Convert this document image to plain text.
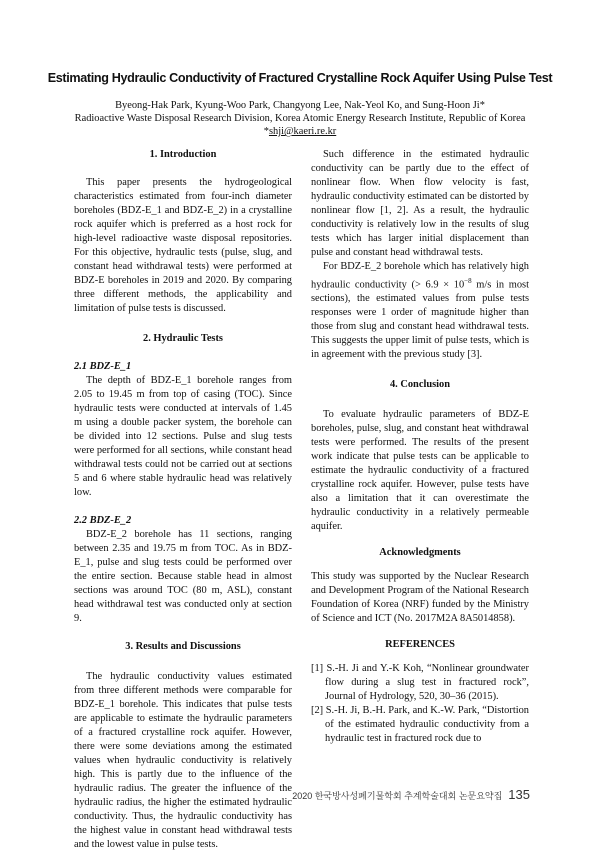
Estimating Hydraulic Conductivity of Fractured Crystalline Rock Aquifer Using Pulse Test
Byeong-Hak Park, Kyung-Woo Park, Changyong Lee, Nak-Yeol Ko, and Sung-Hoon Ji*
Radioactive Waste Disposal Research Division, Korea Atomic Energy Research Institute, Republic of Korea
*shji@kaeri.re.kr
1. Introduction

This paper presents the hydrogeological characteristics estimated from four-inch diameter boreholes (BDZ-E_1 and BDZ-E_2) in a crystalline rock aquifer which is preferred as a host rock for high-level radioactive waste disposal repositories. For this objective, hydraulic tests (pulse, slug, and constant head withdrawal tests) were performed at BDZ-E boreholes in 2019 and 2020. By comparing three different methods, the applicability and limitation of pulse tests is discussed.

2. Hydraulic Tests
2.1 BDZ-E_1

The depth of BDZ-E_1 borehole ranges from 2.05 to 19.45 m from top of casing (TOC). Since hydraulic tests were conducted at intervals of 1.45 m using a double packer system, the borehole can be divided into 12 sections. Pulse and slug tests were performed for all sections, while constant head withdrawal tests could not be carried out at sections 5 and 6 where stable hydraulic head was relatively low.

2.2 BDZ-E_2

BDZ-E_2 borehole has 11 sections, ranging between 2.35 and 19.75 m from TOC. As in BDZ-E_1, pulse and slug tests could be performed over the entire section. Because stable head in almost sections was around TOC (80 m, ASL), constant head withdrawal test was conducted only at section 9.

3. Results and Discussions

The hydraulic conductivity values estimated from three different methods were comparable for BDZ-E_1 borehole. This indicates that pulse tests are applicable to estimate the hydraulic parameters of a fractured crystalline rock aquifer. However, there were some deviations among the estimated values when hydraulic conductivity is relatively high. This is partly due to the influence of the hydraulic radius. The greater the influence of the hydraulic radius, the higher the estimated hydraulic conductivity. Thus, the hydraulic conductivity has the highest value in constant head withdrawal tests and the lowest value in pulse tests.

Such difference in the estimated hydraulic conductivity can be partly due to the effect of nonlinear flow. When flow velocity is fast, hydraulic conductivity estimated can be distorted by nonlinear flow [1, 2]. As a result, the hydraulic conductivity is relatively low in the results of slug tests which has larger initial displacement than pulse and constant head withdrawal tests.

For BDZ-E_2 borehole which has relatively high hydraulic conductivity (> $6.9 \times 10^{-8}$ m/s in most sections), the estimated values from pulse tests responses were 1 order of magnitude higher than those from slug and constant head withdrawal tests. This suggests the upper limit of pulse tests, which is in agreement with the previous study [3].

4. Conclusion

To evaluate hydraulic parameters of BDZ-E boreholes, pulse, slug, and constant heat withdrawal tests were performed. The results of the present work indicate that pulse tests can be applicable to estimate the hydraulic conductivity of a fractured crystalline rock aquifer. However, pulse tests have also a limitation that it can overestimate the hydraulic conductivity in a relatively permeable aquifer.

Acknowledgments

This study was supported by the Nuclear Research and Development Program of the National Research Foundation of Korea (NRF) funded by the Ministry of Science and ICT (No. 2017M2A 8A5014858).

REFERENCES

[1] S.-H. Ji and Y.-K Koh, “Nonlinear groundwater flow during a slug test in fractured rock”, Journal of Hydrology, 520, 30–36 (2015).

[2] S.-H. Ji, B.-H. Park, and K.-W. Park, “Distortion of the estimated hydraulic conductivity from a hydraulic test in fractured rock due to

2020 한국방사성폐기물학회 추계학술대회 논문요약집 135
